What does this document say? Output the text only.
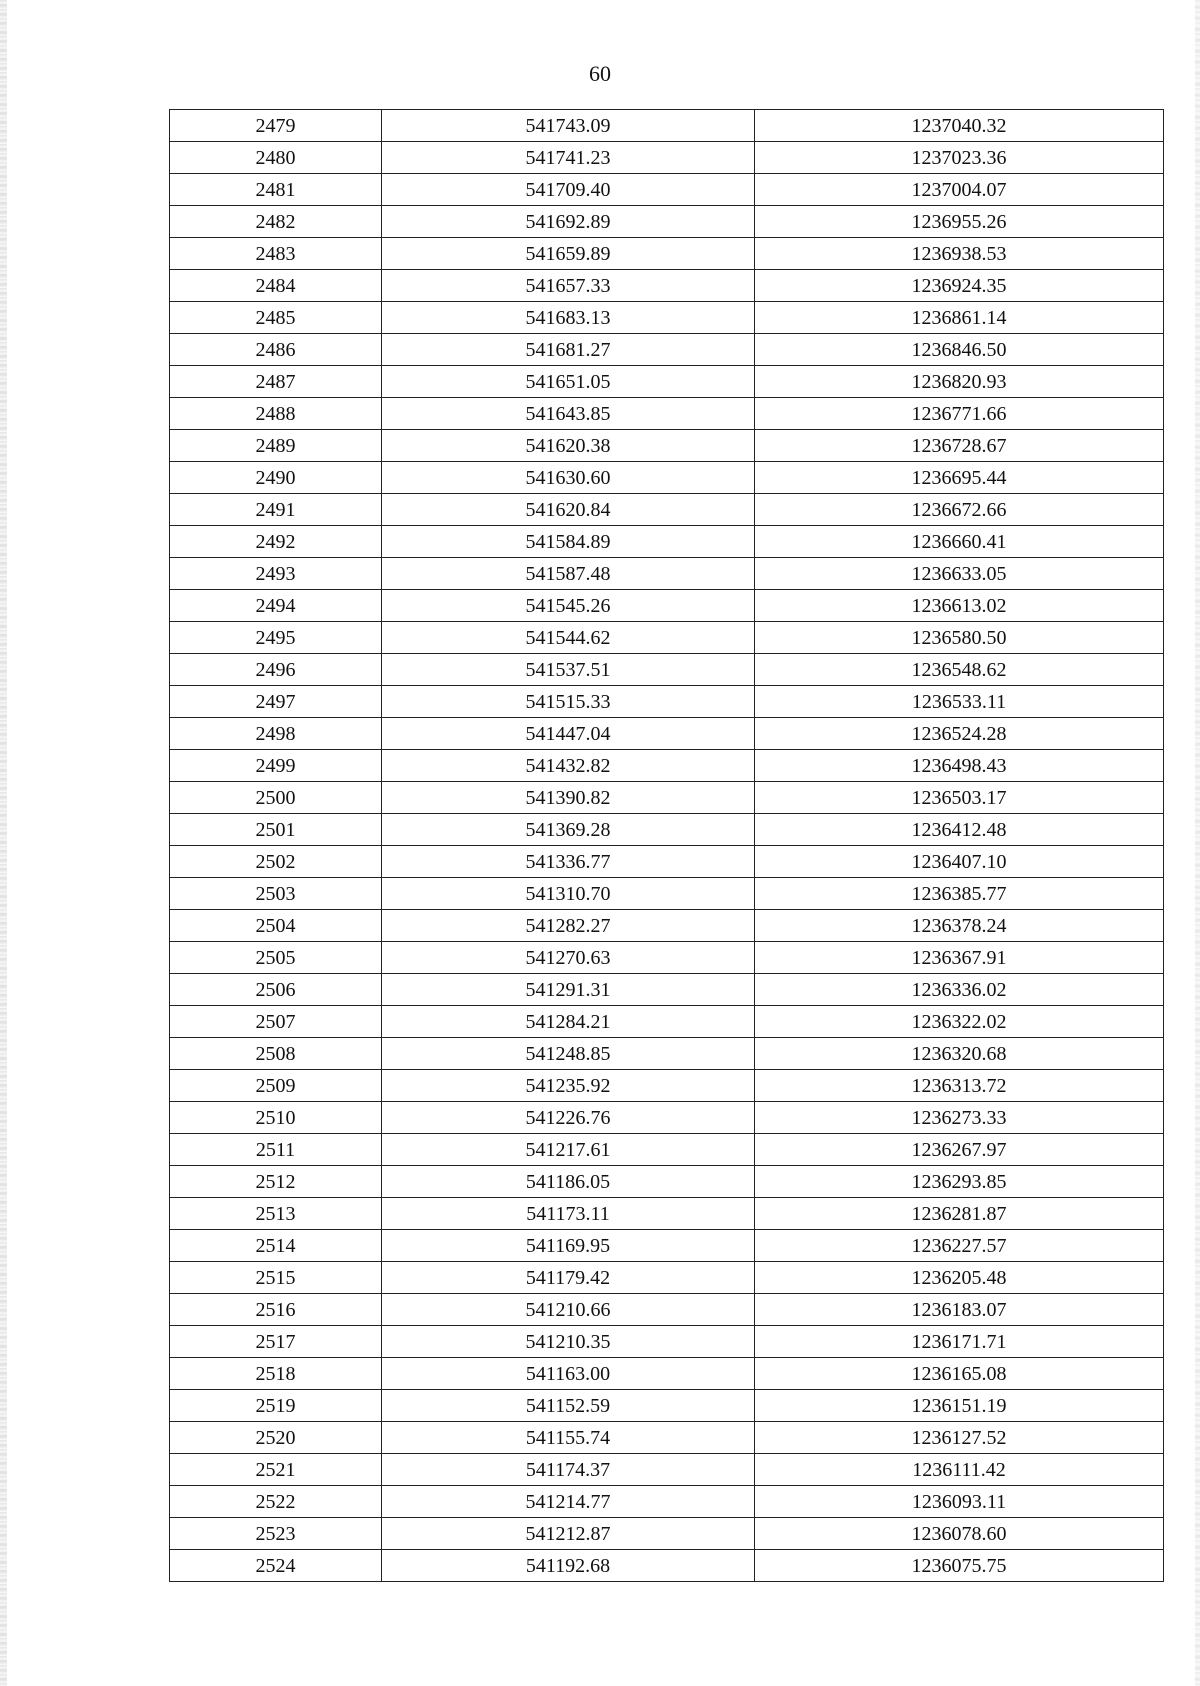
60
2479	541743.09	1237040.32
2480	541741.23	1237023.36
2481	541709.40	1237004.07
2482	541692.89	1236955.26
2483	541659.89	1236938.53
2484	541657.33	1236924.35
2485	541683.13	1236861.14
2486	541681.27	1236846.50
2487	541651.05	1236820.93
2488	541643.85	1236771.66
2489	541620.38	1236728.67
2490	541630.60	1236695.44
2491	541620.84	1236672.66
2492	541584.89	1236660.41
2493	541587.48	1236633.05
2494	541545.26	1236613.02
2495	541544.62	1236580.50
2496	541537.51	1236548.62
2497	541515.33	1236533.11
2498	541447.04	1236524.28
2499	541432.82	1236498.43
2500	541390.82	1236503.17
2501	541369.28	1236412.48
2502	541336.77	1236407.10
2503	541310.70	1236385.77
2504	541282.27	1236378.24
2505	541270.63	1236367.91
2506	541291.31	1236336.02
2507	541284.21	1236322.02
2508	541248.85	1236320.68
2509	541235.92	1236313.72
2510	541226.76	1236273.33
2511	541217.61	1236267.97
2512	541186.05	1236293.85
2513	541173.11	1236281.87
2514	541169.95	1236227.57
2515	541179.42	1236205.48
2516	541210.66	1236183.07
2517	541210.35	1236171.71
2518	541163.00	1236165.08
2519	541152.59	1236151.19
2520	541155.74	1236127.52
2521	541174.37	1236111.42
2522	541214.77	1236093.11
2523	541212.87	1236078.60
2524	541192.68	1236075.75
